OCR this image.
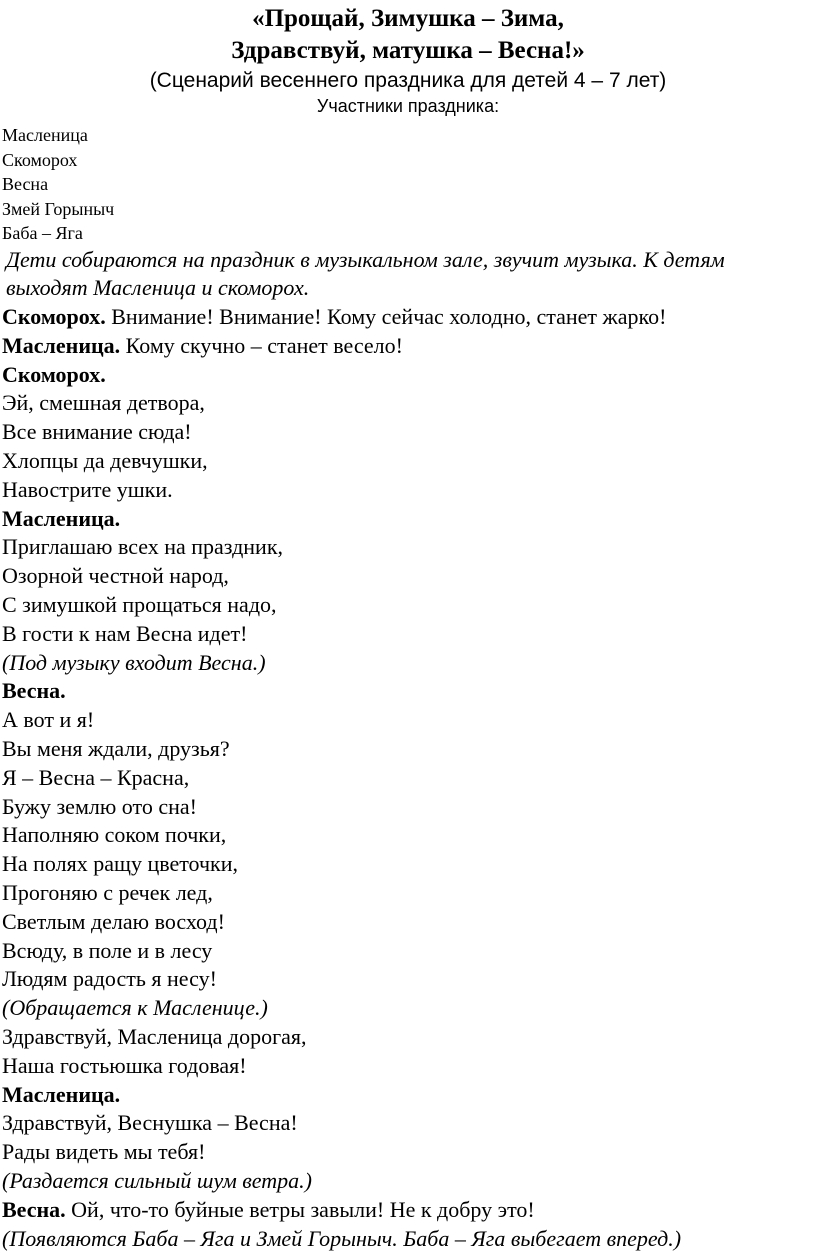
«Прощай, Зимушка – Зима,
Здравствуй, матушка – Весна!»
(Сценарий весеннего праздника для детей 4 – 7 лет)
Участники праздника:
Масленица
Скоморох
Весна
Змей Горыныч
Баба – Яга
Дети собираются на праздник в музыкальном зале, звучит музыка. К детям выходят Масленица и скоморох.
Скоморох. Внимание! Внимание! Кому сейчас холодно, станет жарко!
Масленица. Кому скучно – станет весело!
Скоморох.
Эй, смешная детвора,
Все внимание сюда!
Хлопцы да девчушки,
Навострите ушки.
Масленица.
Приглашаю всех на праздник,
Озорной честной народ,
С зимушкой прощаться надо,
В гости к нам Весна идет!
(Под музыку входит Весна.)
Весна.
А вот и я!
Вы меня ждали, друзья?
Я – Весна – Красна,
Бужу землю ото сна!
Наполняю соком почки,
На полях ращу цветочки,
Прогоняю с речек лед,
Светлым делаю восход!
Всюду, в поле и в лесу
Людям радость я несу!
(Обращается к Масленице.)
Здравствуй, Масленица дорогая,
Наша гостьюшка годовая!
Масленица.
Здравствуй, Веснушка – Весна!
Рады видеть мы тебя!
(Раздается сильный шум ветра.)
Весна. Ой, что-то буйные ветры завыли! Не к добру это!
(Появляются Баба – Яга и Змей Горыныч. Баба – Яга выбегает вперед.)
